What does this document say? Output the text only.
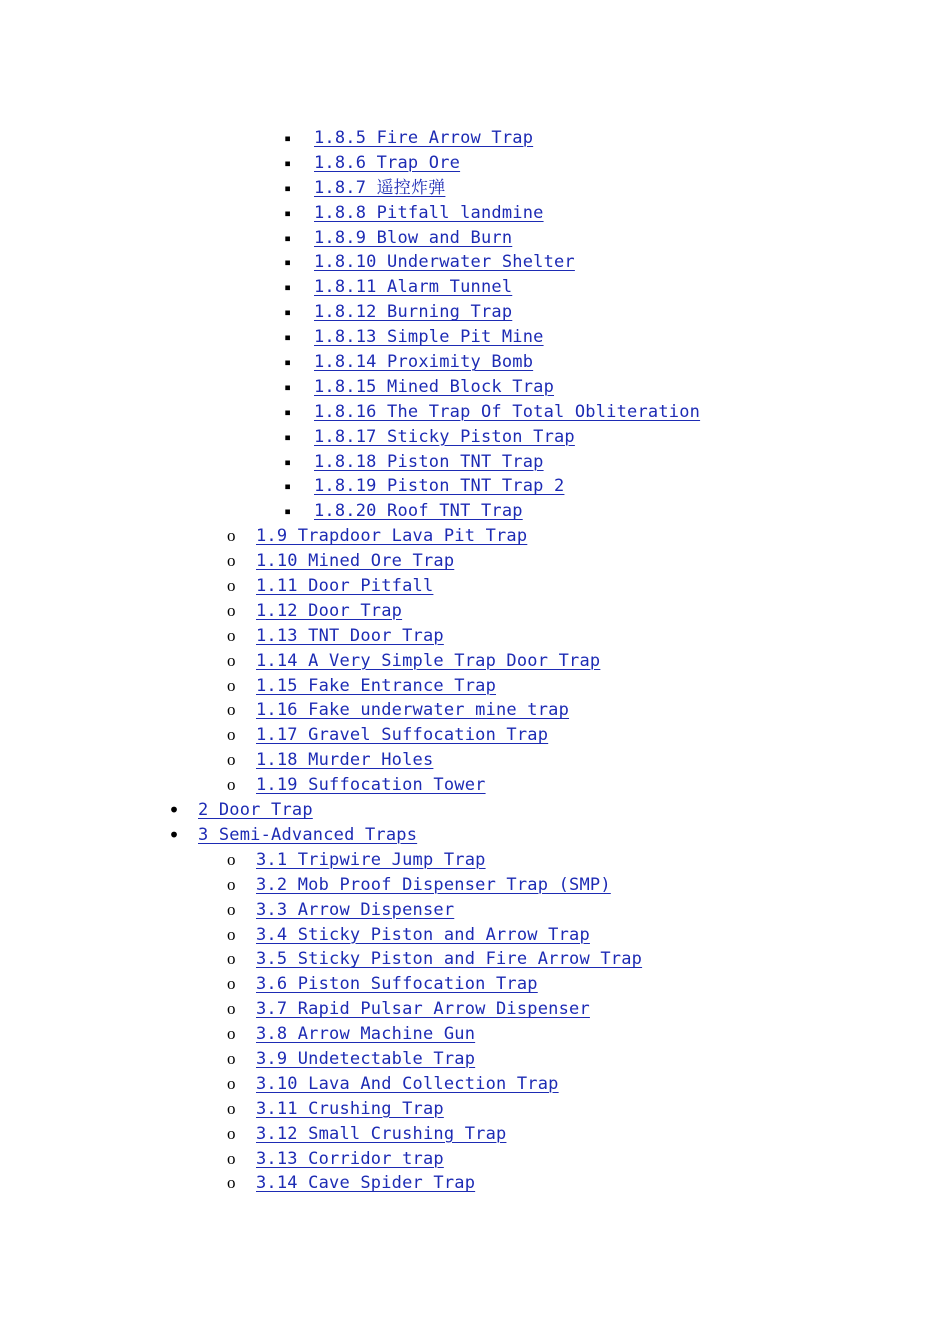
▪ 1.8.5 Fire Arrow Trap
▪ 1.8.6 Trap Ore
▪ 1.8.7 遥控炸弹
▪ 1.8.8 Pitfall landmine
▪ 1.8.9 Blow and Burn
▪ 1.8.10 Underwater Shelter
▪ 1.8.11 Alarm Tunnel
▪ 1.8.12 Burning Trap
▪ 1.8.13 Simple Pit Mine
▪ 1.8.14 Proximity Bomb
▪ 1.8.15 Mined Block Trap
▪ 1.8.16 The Trap Of Total Obliteration
▪ 1.8.17 Sticky Piston Trap
▪ 1.8.18 Piston TNT Trap
▪ 1.8.19 Piston TNT Trap 2
▪ 1.8.20 Roof TNT Trap
o 1.9 Trapdoor Lava Pit Trap
o 1.10 Mined Ore Trap
o 1.11 Door Pitfall
o 1.12 Door Trap
o 1.13 TNT Door Trap
o 1.14 A Very Simple Trap Door Trap
o 1.15 Fake Entrance Trap
o 1.16 Fake underwater mine trap
o 1.17 Gravel Suffocation Trap
o 1.18 Murder Holes
o 1.19 Suffocation Tower
• 2 Door Trap
• 3 Semi-Advanced Traps
o 3.1 Tripwire Jump Trap
o 3.2 Mob Proof Dispenser Trap (SMP)
o 3.3 Arrow Dispenser
o 3.4 Sticky Piston and Arrow Trap
o 3.5 Sticky Piston and Fire Arrow Trap
o 3.6 Piston Suffocation Trap
o 3.7 Rapid Pulsar Arrow Dispenser
o 3.8 Arrow Machine Gun
o 3.9 Undetectable Trap
o 3.10 Lava And Collection Trap
o 3.11 Crushing Trap
o 3.12 Small Crushing Trap
o 3.13 Corridor trap
o 3.14 Cave Spider Trap
